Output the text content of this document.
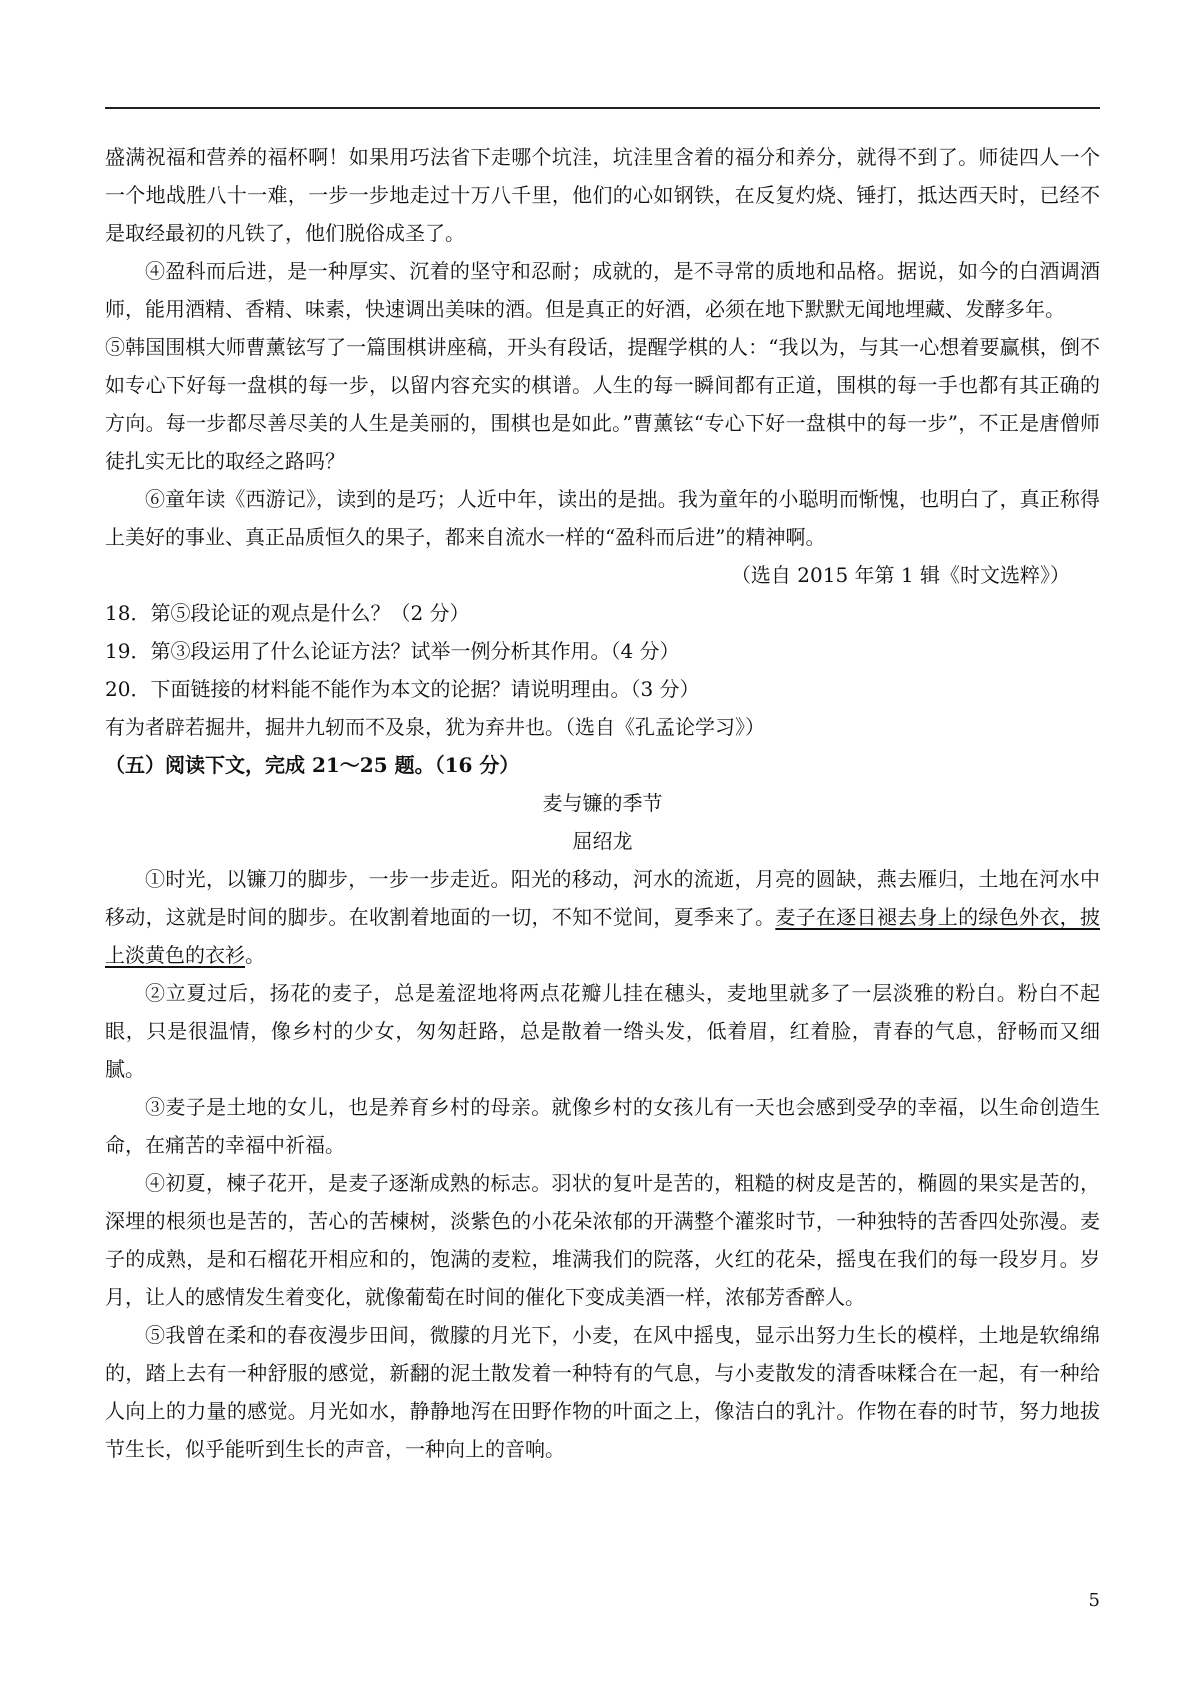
盛满祝福和营养的福杯啊！如果用巧法省下走哪个坑洼，坑洼里含着的福分和养分，就得不到了。师徒四人一个一个地战胜八十一难，一步一步地走过十万八千里，他们的心如钢铁，在反复灼烧、锤打，抵达西天时，已经不是取经最初的凡铁了，他们脱俗成圣了。

④盈科而后进，是一种厚实、沉着的坚守和忍耐；成就的，是不寻常的质地和品格。据说，如今的白酒调酒师，能用酒精、香精、味素，快速调出美味的酒。但是真正的好酒，必须在地下默默无闻地埋藏、发酵多年。

⑤韩国围棋大师曹薰铉写了一篇围棋讲座稿，开头有段话，提醒学棋的人：“我以为，与其一心想着要赢棋，倒不如专心下好每一盘棋的每一步，以留内容充实的棋谱。人生的每一瞬间都有正道，围棋的每一手也都有其正确的方向。每一步都尽善尽美的人生是美丽的，围棋也是如此。”曹薰铉“专心下好一盘棋中的每一步”，不正是唐僧师徒扎实无比的取经之路吗？

⑥童年读《西游记》，读到的是巧；人近中年，读出的是拙。我为童年的小聪明而惭愧，也明白了，真正称得上美好的事业、真正品质恒久的果子，都来自流水一样的“盈科而后进”的精神啊。

（选自 2015 年第 1 辑《时文选粹》）

18．第⑤段论证的观点是什么？（2 分）

19．第③段运用了什么论证方法？试举一例分析其作用。（4 分）

20．下面链接的材料能不能作为本文的论据？请说明理由。（3 分）

有为者辟若掘井，掘井九轫而不及泉，犹为弃井也。（选自《孔孟论学习》）

（五）阅读下文，完成 21～25 题。（16 分）

麦与镰的季节

屈绍龙

①时光，以镰刀的脚步，一步一步走近。阳光的移动，河水的流逝，月亮的圆缺，燕去雁归，土地在河水中移动，这就是时间的脚步。在收割着地面的一切，不知不觉间，夏季来了。麦子在逐日褪去身上的绿色外衣，披上淡黄色的衣衫。

②立夏过后，扬花的麦子，总是羞涩地将两点花瓣儿挂在穗头，麦地里就多了一层淡雅的粉白。粉白不起眼，只是很温情，像乡村的少女，匆匆赶路，总是散着一绺头发，低着眉，红着脸，青春的气息，舒畅而又细腻。

③麦子是土地的女儿，也是养育乡村的母亲。就像乡村的女孩儿有一天也会感到受孕的幸福，以生命创造生命，在痛苦的幸福中祈福。

④初夏，楝子花开，是麦子逐渐成熟的标志。羽状的复叶是苦的，粗糙的树皮是苦的，椭圆的果实是苦的，深埋的根须也是苦的，苦心的苦楝树，淡紫色的小花朵浓郁的开满整个灌浆时节，一种独特的苦香四处弥漫。麦子的成熟，是和石榴花开相应和的，饱满的麦粒，堆满我们的院落，火红的花朵，摇曳在我们的每一段岁月。岁月，让人的感情发生着变化，就像葡萄在时间的催化下变成美酒一样，浓郁芳香醉人。

⑤我曾在柔和的春夜漫步田间，微朦的月光下，小麦，在风中摇曳，显示出努力生长的模样，土地是软绵绵的，踏上去有一种舒服的感觉，新翻的泥土散发着一种特有的气息，与小麦散发的清香味糅合在一起，有一种给人向上的力量的感觉。月光如水，静静地泻在田野作物的叶面之上，像洁白的乳汁。作物在春的时节，努力地拔节生长，似乎能听到生长的声音，一种向上的音响。

5
